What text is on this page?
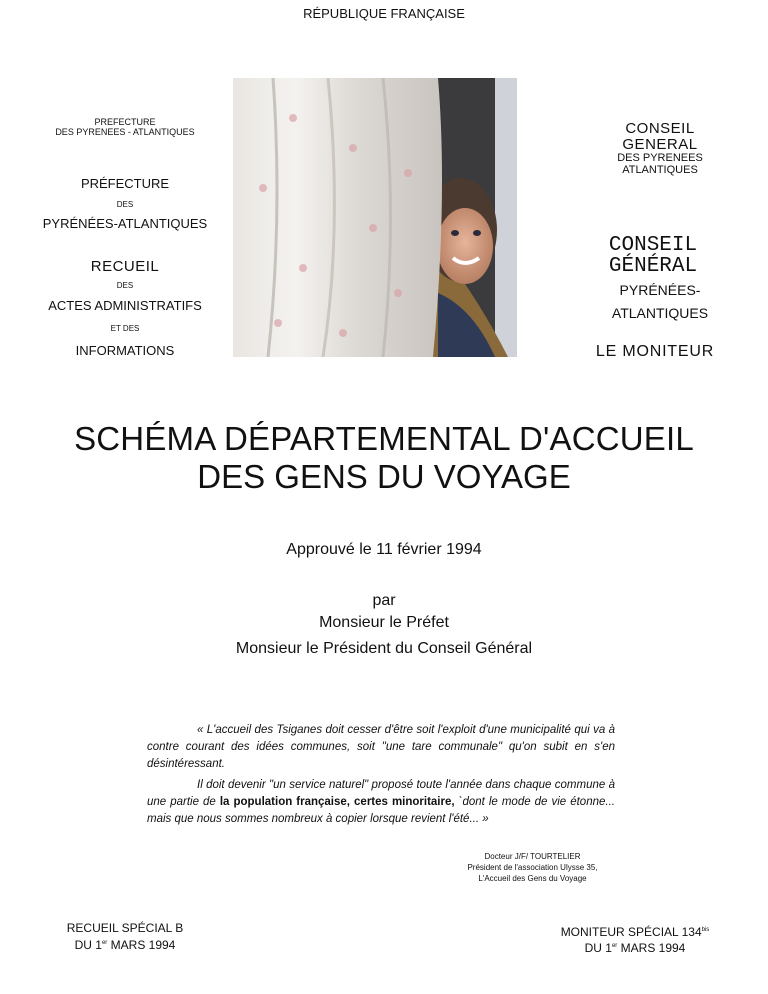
RÉPUBLIQUE FRANÇAISE
PREFECTURE
DES PYRENEES - ATLANTIQUES
PRÉFECTURE
DES
PYRÉNÉES-ATLANTIQUES
RECUEIL
DES
ACTES ADMINISTRATIFS
ET DES
INFORMATIONS
CONSEIL
GENERAL
DES PYRENEES
ATLANTIQUES
CONSEIL
GÉNÉRAL
PYRÉNÉES-
ATLANTIQUES
LE MONITEUR
SCHÉMA DÉPARTEMENTAL D'ACCUEIL
DES GENS DU VOYAGE
Approuvé le 11 février 1994
par
Monsieur le Préfet
Monsieur le Président du Conseil Général
« L'accueil des Tsiganes doit cesser d'être soit l'exploit d'une municipalité qui va à contre courant des idées communes, soit "une tare communale" qu'on subit en s'en désintéressant.
Il doit devenir "un service naturel" proposé toute l'année dans chaque commune à une partie de la population française, certes minoritaire, `dont le mode de vie étonne... mais que nous sommes nombreux à copier lorsque revient l'été... »
Docteur J/F/ TOURTELIER
Président de l'association Ulysse 35,
L'Accueil des Gens du Voyage
RECUEIL SPÉCIAL B
DU 1er MARS 1994
MONITEUR SPÉCIAL $134^{bis}$
DU 1er MARS 1994
